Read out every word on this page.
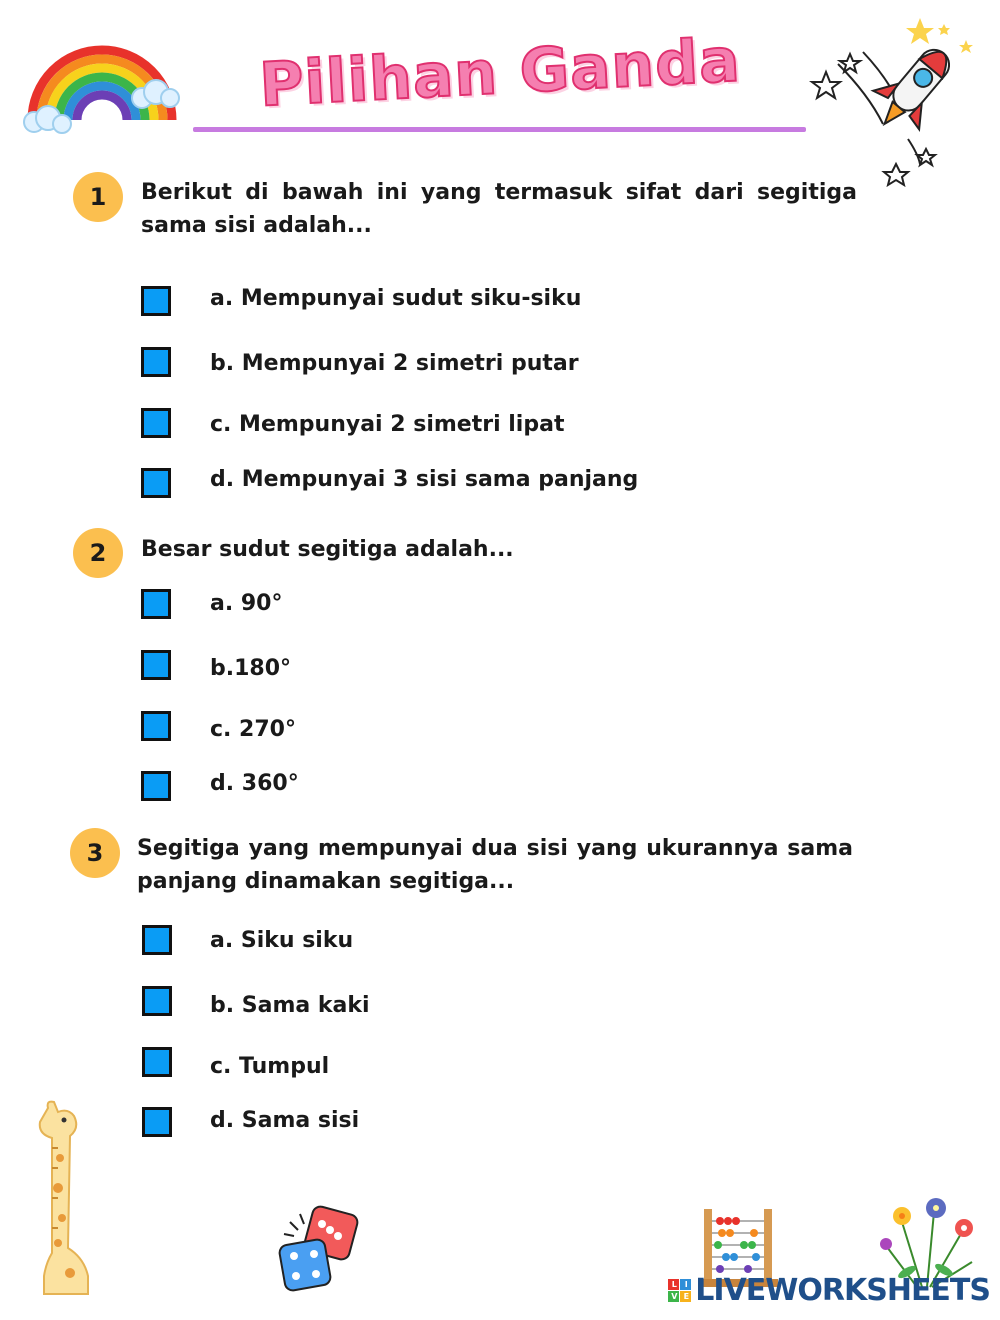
Pilihan Ganda
1 Berikut di bawah ini yang termasuk sifat dari segitiga sama sisi adalah...
a. Mempunyai sudut siku-siku
b. Mempunyai 2 simetri putar
c. Mempunyai 2 simetri lipat
d. Mempunyai 3 sisi sama panjang
2 Besar sudut segitiga adalah...
a. 90°
b.180°
c. 270°
d. 360°
3 Segitiga yang mempunyai dua sisi yang ukurannya sama panjang dinamakan segitiga...
a. Siku siku
b. Sama kaki
c. Tumpul
d. Sama sisi
L	I
V E LIVEWORKSHEETS
